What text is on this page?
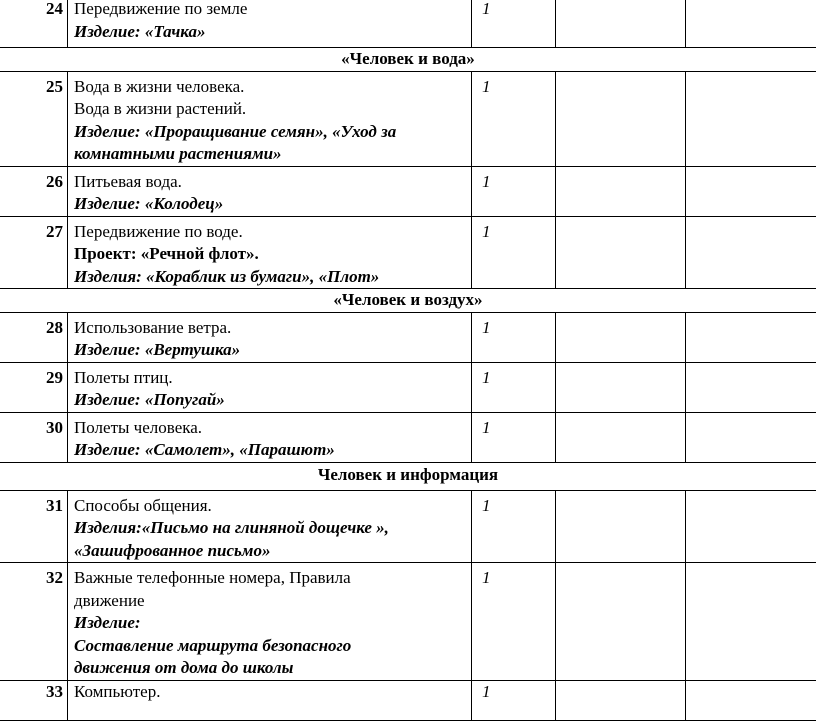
24	Передвижение по земле
Изделие: «Тачка»	1		
«Человек и вода»				
25	Вода в жизни человека.
Вода в жизни растений.
Изделие: «Проращивание семян», «Уход за
комнатными растениями»	1		
26	Питьевая вода.
Изделие: «Колодец»	1		
27	Передвижение по воде.
Проект: «Речной флот».
Изделия: «Кораблик из бумаги», «Плот»	1		
«Человек и воздух»				
28	Использование ветра.
Изделие: «Вертушка»	1		
29	Полеты птиц.
Изделие: «Попугай»	1		
30	Полеты человека.
Изделие: «Самолет», «Парашют»	1		
Человек и информация				
31	Способы общения.
Изделия:«Письмо на глиняной дощечке »,
«Зашифрованное письмо»	1		
32	Важные телефонные номера, Правила
движение
Изделие:
Составление маршрута безопасного
движения от дома до школы	1		
33	Компьютер.	1		
